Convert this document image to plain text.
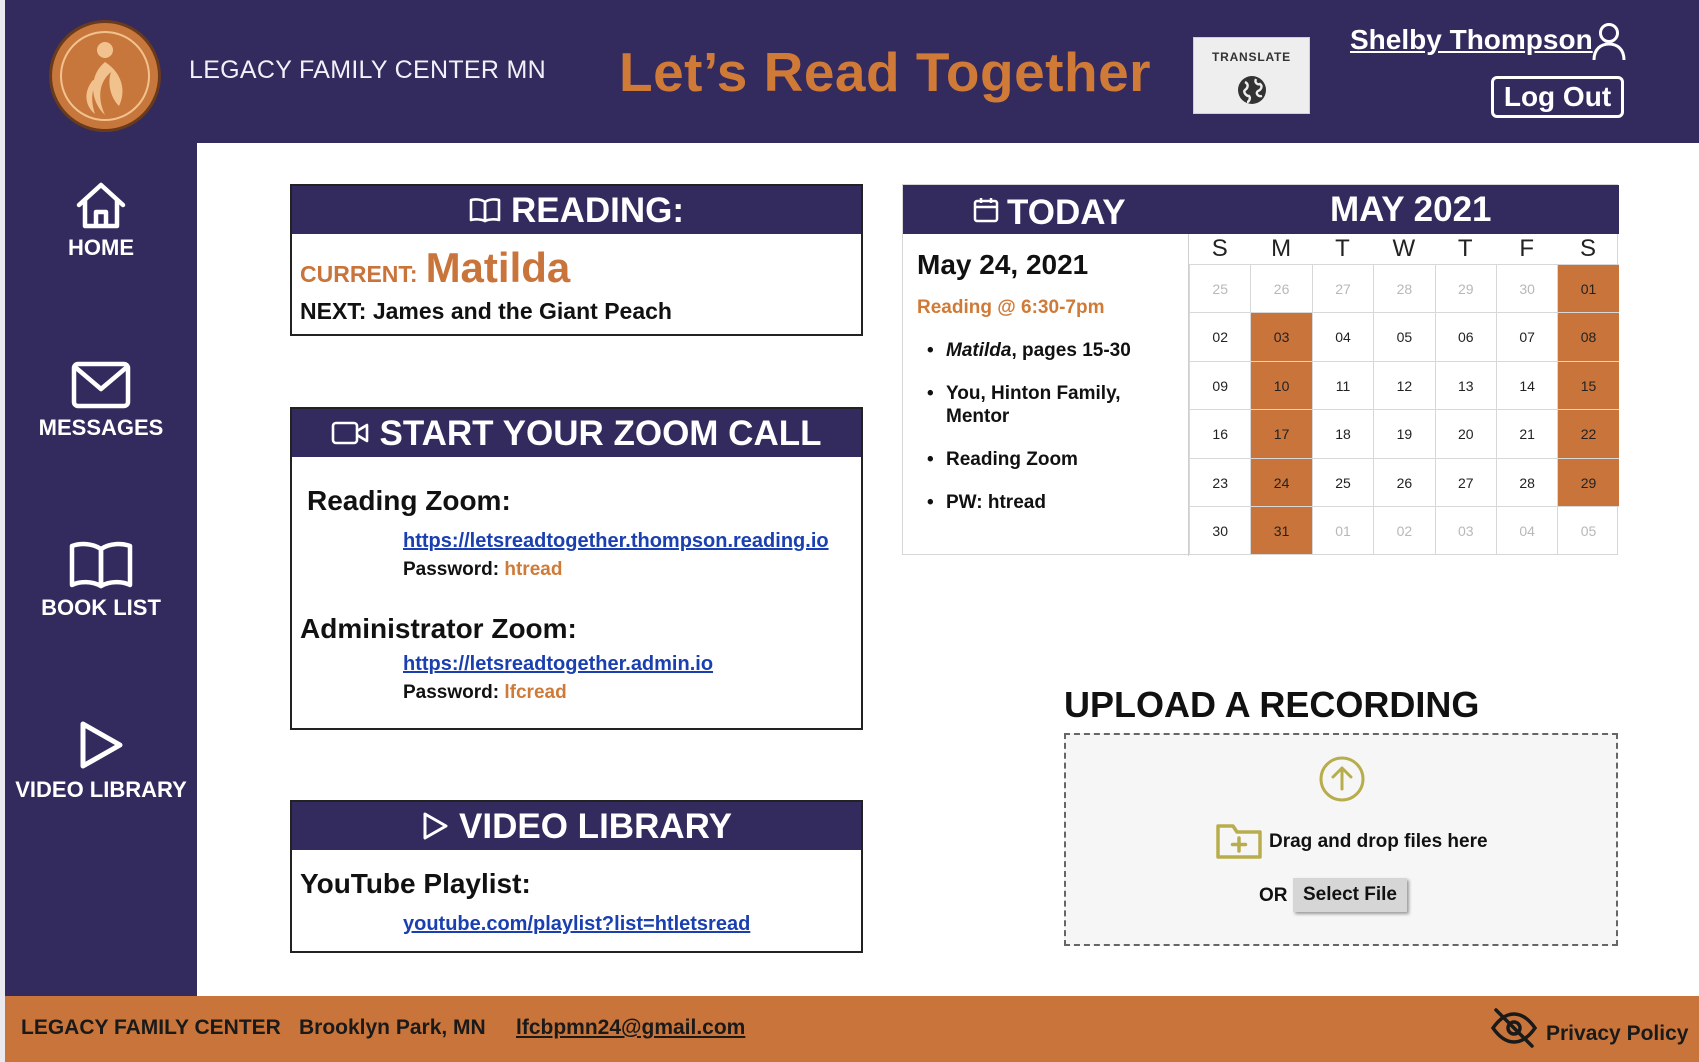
LEGACY FAMILY CENTER MN Let’s Read Together	TRANSLATE
Shelby Thompson
Log Out
HOME
MESSAGES
BOOK LIST
VIDEO LIBRARY
READING:
CURRENT: Matilda
NEXT: James and the Giant Peach
START YOUR ZOOM CALL
Reading Zoom:
https://letsreadtogether.thompson.reading.io
Password: htread
Administrator Zoom:
https://letsreadtogether.admin.io
Password: lfcread
VIDEO LIBRARY
YouTube Playlist:
youtube.com/playlist?list=htletsread
TODAY	MAY 2021
May 24, 2021
Reading @ 6:30-7pm
• Matilda, pages 15-30
• You, Hinton Family, Mentor
• Reading Zoom
• PW: htread
S	M	T	W	T	F	S
25	26	27	28	29	30	01
02	03	04	05	06	07	08
09	10	11	12	13	14	15
16	17	18	19	20	21	22
23	24	25	26	27	28	29
30	31	01	02	03	04	05
UPLOAD A RECORDING
Drag and drop files here
OR Select File
LEGACY FAMILY CENTER Brooklyn Park, MN lfcbpmn24@gmail.com	Privacy Policy
